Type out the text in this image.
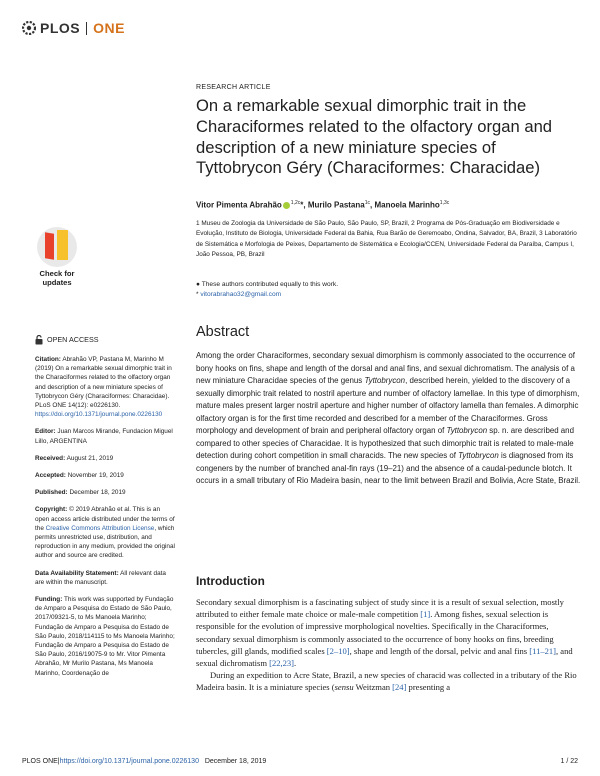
PLOS ONE
Check for
updates
RESEARCH ARTICLE
On a remarkable sexual dimorphic trait in the Characiformes related to the olfactory organ and description of a new miniature species of Tyttobrycon Géry (Characiformes: Characidae)
Vitor Pimenta Abrahão $^{1,2c}$*, Murilo Pastana$^{1c}$, Manoela Marinho$^{1,3c}$
1 Museu de Zoologia da Universidade de São Paulo, São Paulo, SP, Brazil, 2 Programa de Pós-Graduação em Biodiversidade e Evolução, Instituto de Biologia, Universidade Federal da Bahia, Rua Barão de Geremoabo, Ondina, Salvador, BA, Brazil, 3 Laboratório de Sistemática e Morfologia de Peixes, Departamento de Sistemática e Ecologia/CCEN, Universidade Federal da Paraíba, Campus I, João Pessoa, PB, Brazil
● These authors contributed equally to this work.
* vitorabrahao32@gmail.com
OPEN ACCESS

Citation: Abrahão VP, Pastana M, Marinho M (2019) On a remarkable sexual dimorphic trait in the Characiformes related to the olfactory organ and description of a new miniature species of Tyttobrycon Géry (Characiformes: Characidae). PLoS ONE 14(12): e0226130. https://doi.org/10.1371/journal.pone.0226130

Editor: Juan Marcos Mirande, Fundacion Miguel Lillo, ARGENTINA

Received: August 21, 2019

Accepted: November 19, 2019

Published: December 18, 2019

Copyright: © 2019 Abrahão et al. This is an open access article distributed under the terms of the Creative Commons Attribution License, which permits unrestricted use, distribution, and reproduction in any medium, provided the original author and source are credited.

Data Availability Statement: All relevant data are within the manuscript.

Funding: This work was supported by Fundação de Amparo a Pesquisa do Estado de São Paulo, 2017/09321-5, to Ms Manoela Marinho; Fundação de Amparo a Pesquisa do Estado de São Paulo, 2018/114115 to Ms Manoela Marinho; Fundação de Amparo a Pesquisa do Estado de São Paulo, 2016/19075-9 to Mr. Vitor Pimenta Abrahão, Mr Murilo Pastana, Ms Manoela Marinho, Coordenação de

Abstract
Among the order Characiformes, secondary sexual dimorphism is commonly associated to the occurrence of bony hooks on fins, shape and length of the dorsal and anal fins, and sexual dichromatism. The analysis of a new miniature Characidae species of the genus Tyttobrycon, described herein, yielded to the discovery of a sexually dimorphic trait related to nostril aperture and number of olfactory lamellae. In this type of dimorphism, mature males present larger nostril aperture and higher number of olfactory lamella than females. A dimorphic olfactory organ is for the first time recorded and described for a member of the Characiformes. Gross morphology and development of brain and peripheral olfactory organ of Tyttobrycon sp. n. are described and compared to other species of Characidae. It is hypothesized that such dimorphic trait is related to male-male detection during cohort competition in small characids. The new species of Tyttobrycon is diagnosed from its congeners by the number of branched anal-fin rays (19–21) and the absence of a caudal-peduncle blotch. It occurs in a small tributary of Rio Madeira basin, near to the limit between Brazil and Bolivia, Acre State, Brazil.
Introduction

Secondary sexual dimorphism is a fascinating subject of study since it is a result of sexual selection, mostly attributed to either female mate choice or male-male competition [1]. Among fishes, sexual selection is responsible for the evolution of impressive morphological novelties. Specifically in the Characiformes, secondary sexual dimorphism is commonly associated to the occurrence of bony hooks on fins, breeding tubercles, gill glands, modified scales [2–10], shape and length of the dorsal, pelvic and anal fins [11–21], and sexual dichromatism [22,23].

During an expedition to Acre State, Brazil, a new species of characid was collected in a tributary of the Rio Madeira basin. It is a miniature species (sensu Weitzman [24] presenting a

PLOS ONE | https://doi.org/10.1371/journal.pone.0226130
December 18, 2019	1 / 22
